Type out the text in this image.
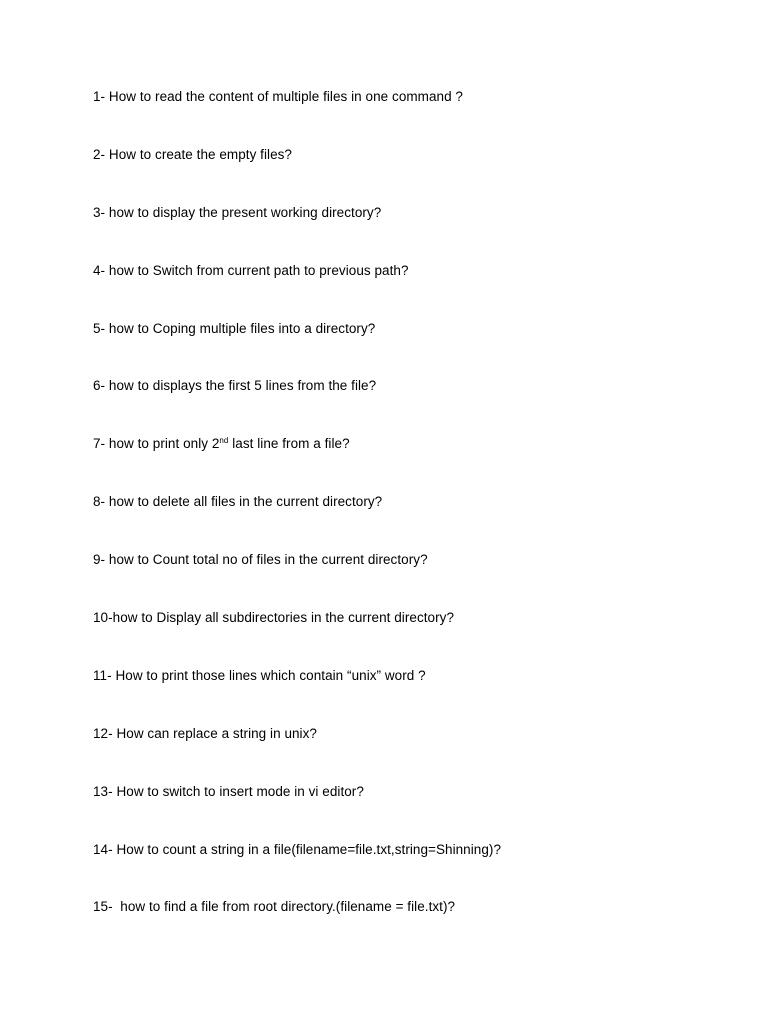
1- How to read the content of multiple files in one command ?
2- How to create the empty files?
3- how to display the present working directory?
4- how to Switch from current path to previous path?
5- how to Coping multiple files into a directory?
6- how to displays the first 5 lines from the file?
7- how to print only 2nd last line from a file?
8- how to delete all files in the current directory?
9- how to Count total no of files in the current directory?
10-how to Display all subdirectories in the current directory?
11- How to print those lines which contain “unix” word ?
12- How can replace a string in unix?
13- How to switch to insert mode in vi editor?
14- How to count a string in a file(filename=file.txt,string=Shinning)?
15-  how to find a file from root directory.(filename = file.txt)?
